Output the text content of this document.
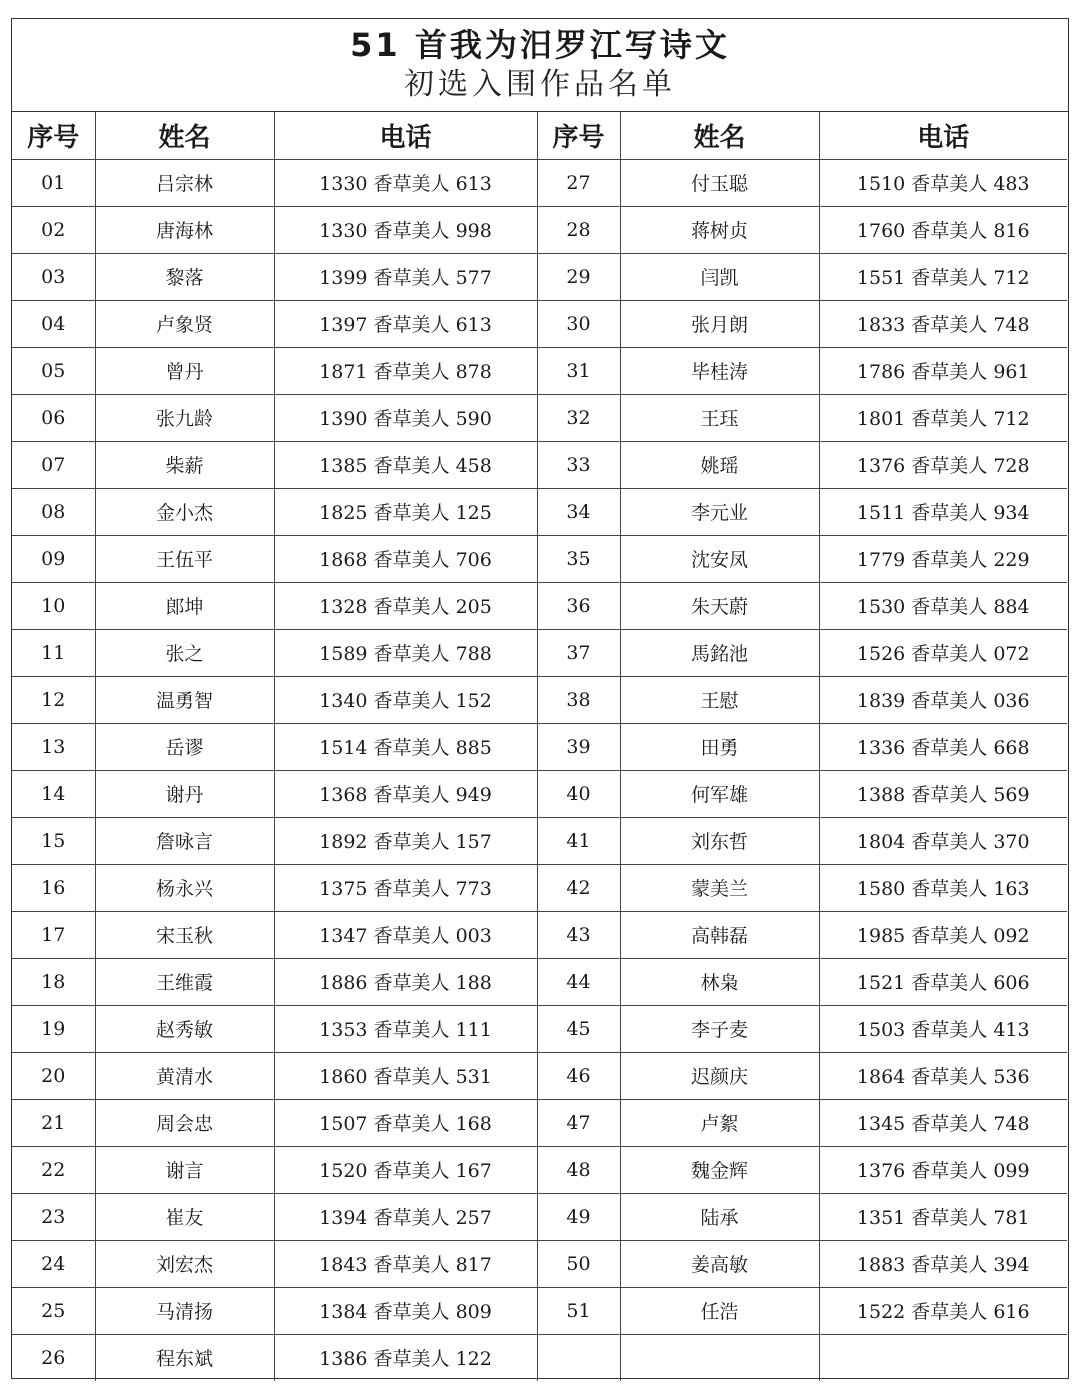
51 首我为汨罗江写诗文
初选入围作品名单
序号	姓名	电话	序号	姓名	电话
01	吕宗林	1330 香草美人 613	27	付玉聪	1510 香草美人 483
02	唐海林	1330 香草美人 998	28	蒋树贞	1760 香草美人 816
03	黎落	1399 香草美人 577	29	闫凯	1551 香草美人 712
04	卢象贤	1397 香草美人 613	30	张月朗	1833 香草美人 748
05	曾丹	1871 香草美人 878	31	毕桂涛	1786 香草美人 961
06	张九龄	1390 香草美人 590	32	王珏	1801 香草美人 712
07	柴薪	1385 香草美人 458	33	姚瑶	1376 香草美人 728
08	金小杰	1825 香草美人 125	34	李元业	1511 香草美人 934
09	王伍平	1868 香草美人 706	35	沈安凤	1779 香草美人 229
10	郎坤	1328 香草美人 205	36	朱天蔚	1530 香草美人 884
11	张之	1589 香草美人 788	37	馬銘池	1526 香草美人 072
12	温勇智	1340 香草美人 152	38	王慰	1839 香草美人 036
13	岳谬	1514 香草美人 885	39	田勇	1336 香草美人 668
14	谢丹	1368 香草美人 949	40	何军雄	1388 香草美人 569
15	詹咏言	1892 香草美人 157	41	刘东哲	1804 香草美人 370
16	杨永兴	1375 香草美人 773	42	蒙美兰	1580 香草美人 163
17	宋玉秋	1347 香草美人 003	43	高韩磊	1985 香草美人 092
18	王维霞	1886 香草美人 188	44	林枭	1521 香草美人 606
19	赵秀敏	1353 香草美人 111	45	李子麦	1503 香草美人 413
20	黄清水	1860 香草美人 531	46	迟颜庆	1864 香草美人 536
21	周会忠	1507 香草美人 168	47	卢絮	1345 香草美人 748
22	谢言	1520 香草美人 167	48	魏金辉	1376 香草美人 099
23	崔友	1394 香草美人 257	49	陆承	1351 香草美人 781
24	刘宏杰	1843 香草美人 817	50	姜高敏	1883 香草美人 394
25	马清扬	1384 香草美人 809	51	任浩	1522 香草美人 616
26	程东斌	1386 香草美人 122			
